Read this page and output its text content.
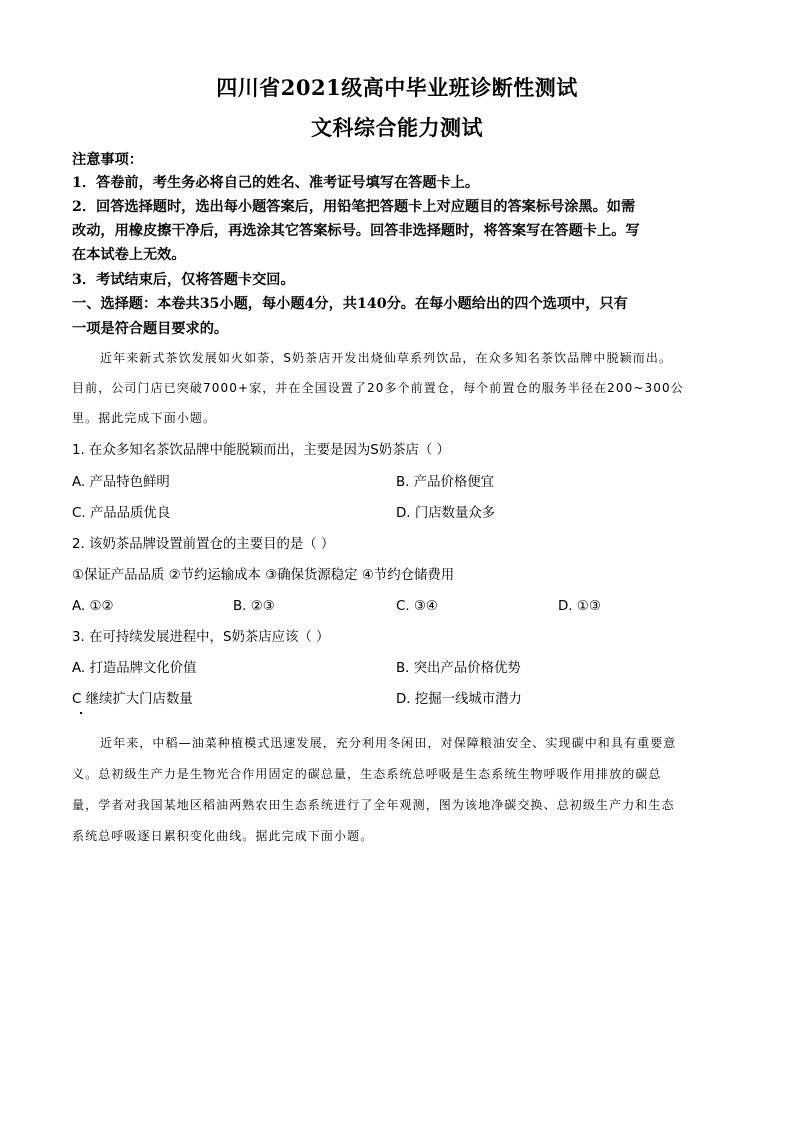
四川省2021级高中毕业班诊断性测试
文科综合能力测试
注意事项：
1．答卷前，考生务必将自己的姓名、准考证号填写在答题卡上。
2．回答选择题时，选出每小题答案后，用铅笔把答题卡上对应题目的答案标号涂黑。如需
改动，用橡皮擦干净后，再选涂其它答案标号。回答非选择题时，将答案写在答题卡上。写
在本试卷上无效。
3．考试结束后，仅将答题卡交回。
一、选择题：本卷共35小题，每小题4分，共140分。在每小题给出的四个选项中，只有
一项是符合题目要求的。
近年来新式茶饮发展如火如荼，S奶茶店开发出烧仙草系列饮品，在众多知名茶饮品牌中脱颖而出。
目前，公司门店已突破7000+家，并在全国设置了20多个前置仓，每个前置仓的服务半径在200~300公
里。据此完成下面小题。
1. 在众多知名茶饮品牌中能脱颖而出，主要是因为S奶茶店（ ）
A. 产品特色鲜明	B. 产品价格便宜
C. 产品品质优良	D. 门店数量众多
2. 该奶茶品牌设置前置仓的主要目的是（ ）
①保证产品品质 ②节约运输成本 ③确保货源稳定 ④节约仓储费用
A. ①②	B. ②③	C. ③④	D. ①③
3. 在可持续发展进程中，S奶茶店应该（ ）
A. 打造品牌文化价值	B. 突出产品价格优势
C 继续扩大门店数量	D. 挖掘一线城市潜力
近年来，中稻—油菜种植模式迅速发展，充分利用冬闲田，对保障粮油安全、实现碳中和具有重要意
义。总初级生产力是生物光合作用固定的碳总量，生态系统总呼吸是生态系统生物呼吸作用排放的碳总
量，学者对我国某地区稻油两熟农田生态系统进行了全年观测，图为该地净碳交换、总初级生产力和生态
系统总呼吸逐日累积变化曲线。据此完成下面小题。
